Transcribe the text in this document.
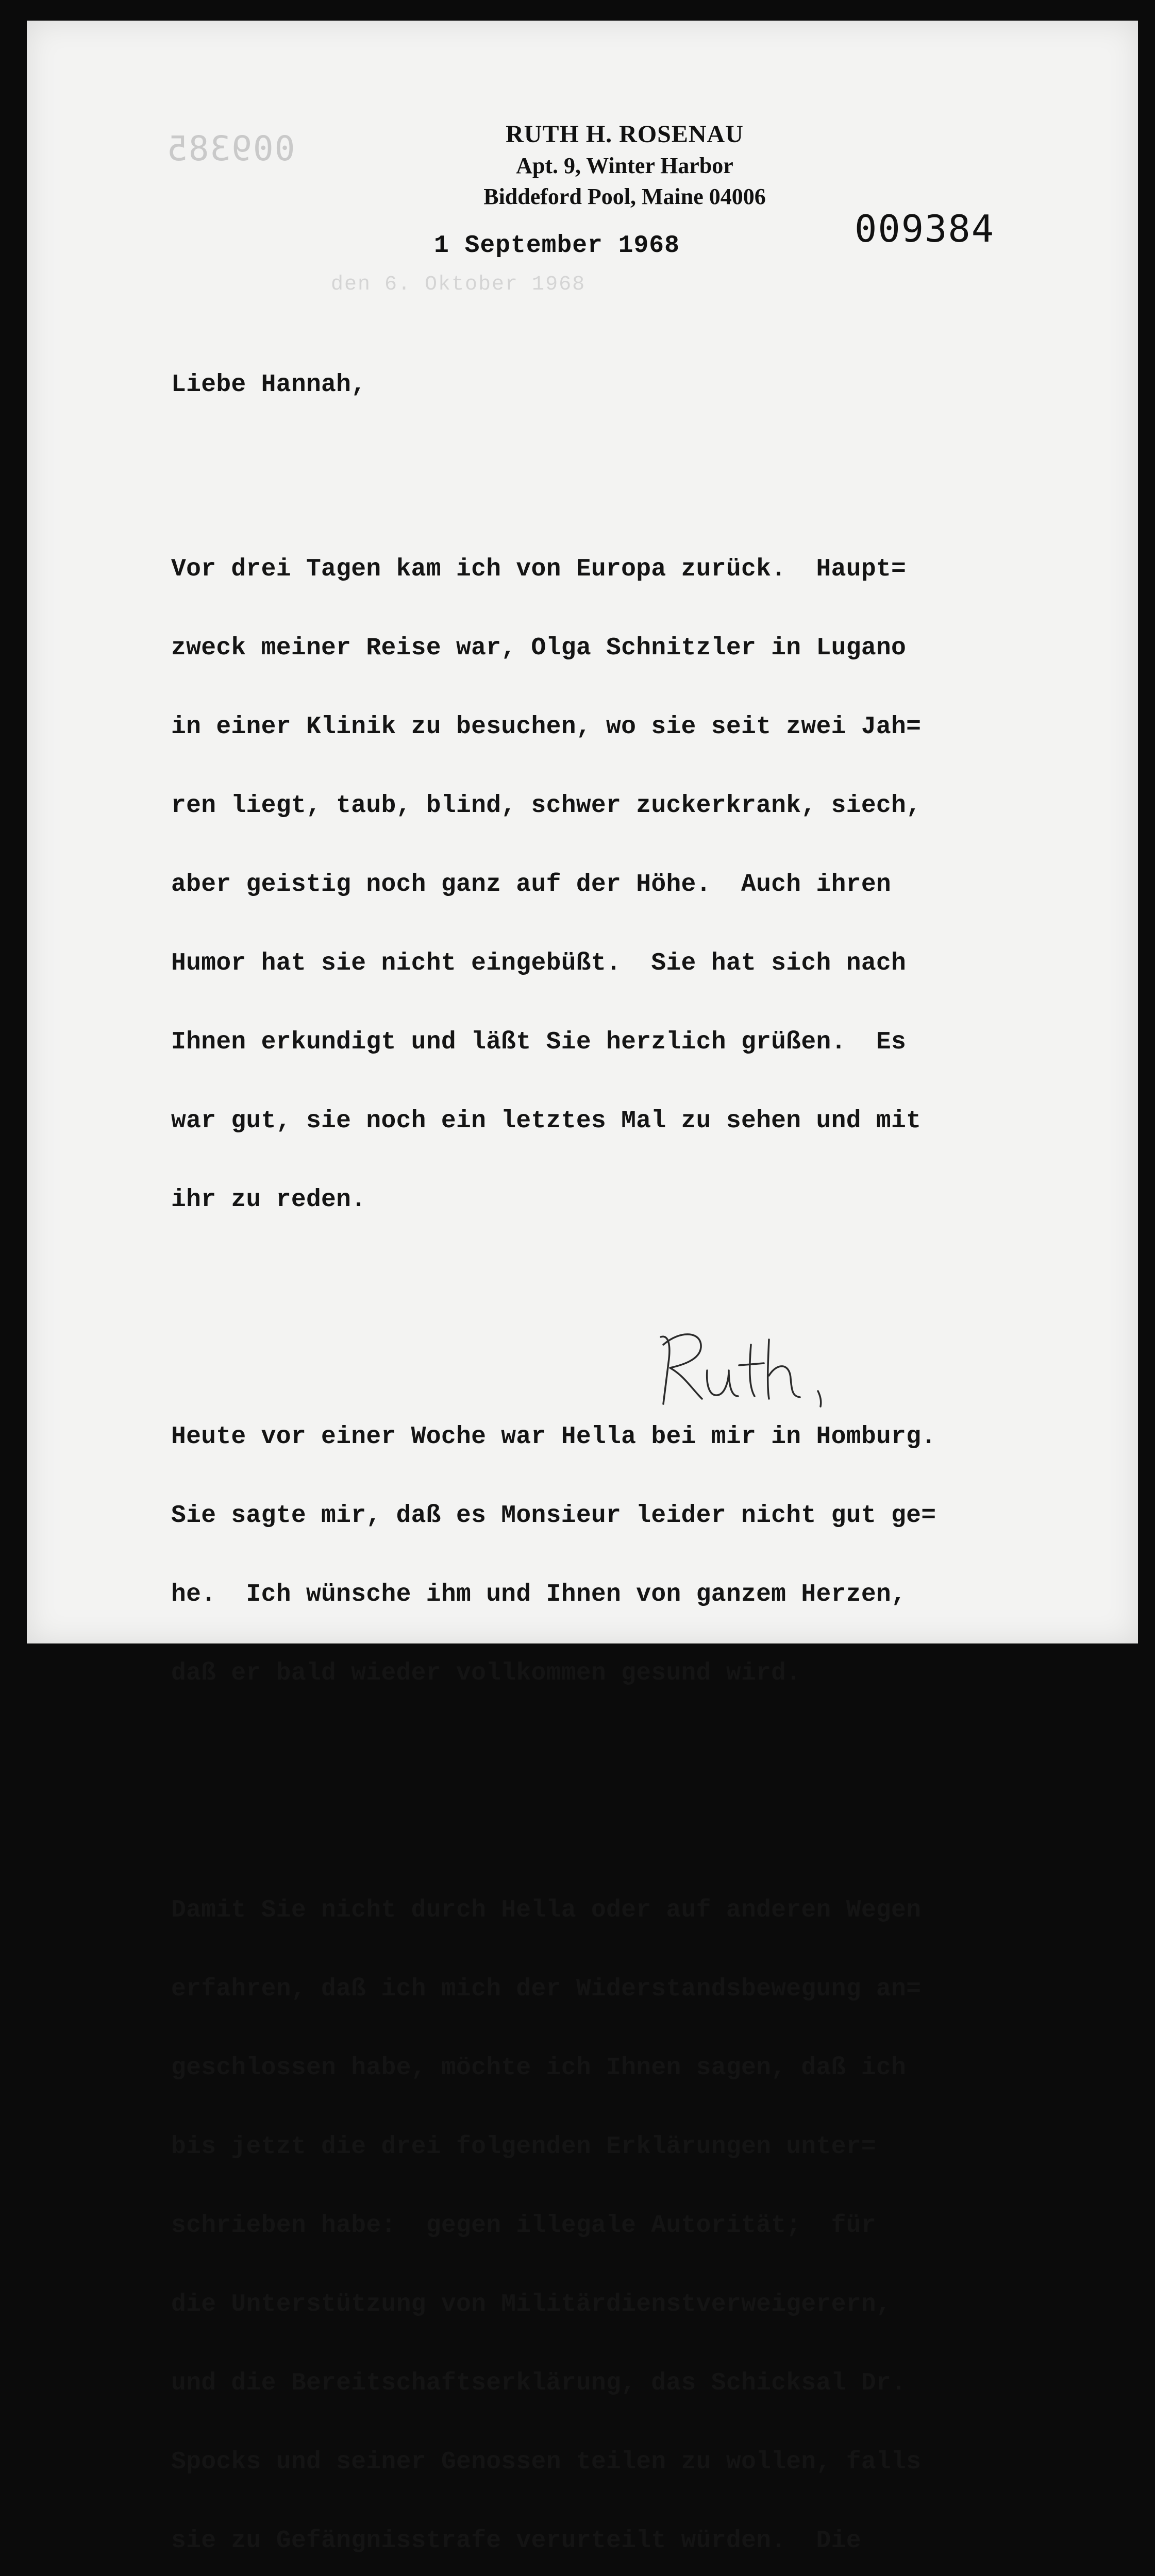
009385
den 6. Oktober 1968
RUTH H. ROSENAU
Apt. 9, Winter Harbor
Biddeford Pool, Maine 04006
009384
1 September 1968

Liebe Hannah,

Vor drei Tagen kam ich von Europa zurück.  Haupt=

zweck meiner Reise war, Olga Schnitzler in Lugano

in einer Klinik zu besuchen, wo sie seit zwei Jah=

ren liegt, taub, blind, schwer zuckerkrank, siech,

aber geistig noch ganz auf der Höhe.  Auch ihren

Humor hat sie nicht eingebüßt.  Sie hat sich nach

Ihnen erkundigt und läßt Sie herzlich grüßen.  Es

war gut, sie noch ein letztes Mal zu sehen und mit

ihr zu reden.

Heute vor einer Woche war Hella bei mir in Homburg.

Sie sagte mir, daß es Monsieur leider nicht gut ge=

he.  Ich wünsche ihm und Ihnen von ganzem Herzen,

daß er bald wieder vollkommen gesund wird.

Damit Sie nicht durch Hella oder auf anderen Wegen

erfahren, daß ich mich der Widerstandsbewegung an=

geschlossen habe, möchte ich Ihnen sagen, daß ich

bis jetzt die drei folgenden Erklärungen unter=

schrieben habe:  gegen illegale Autorität;  für

die Unterstützung von Militärdienstverweigerern,

und die Bereitschaftserklärung, das Schicksal Dr.

Spocks und seiner Genossen teilen zu wollen, falls

sie zu Gefängnisstrafe verurteilt würden.  Die
